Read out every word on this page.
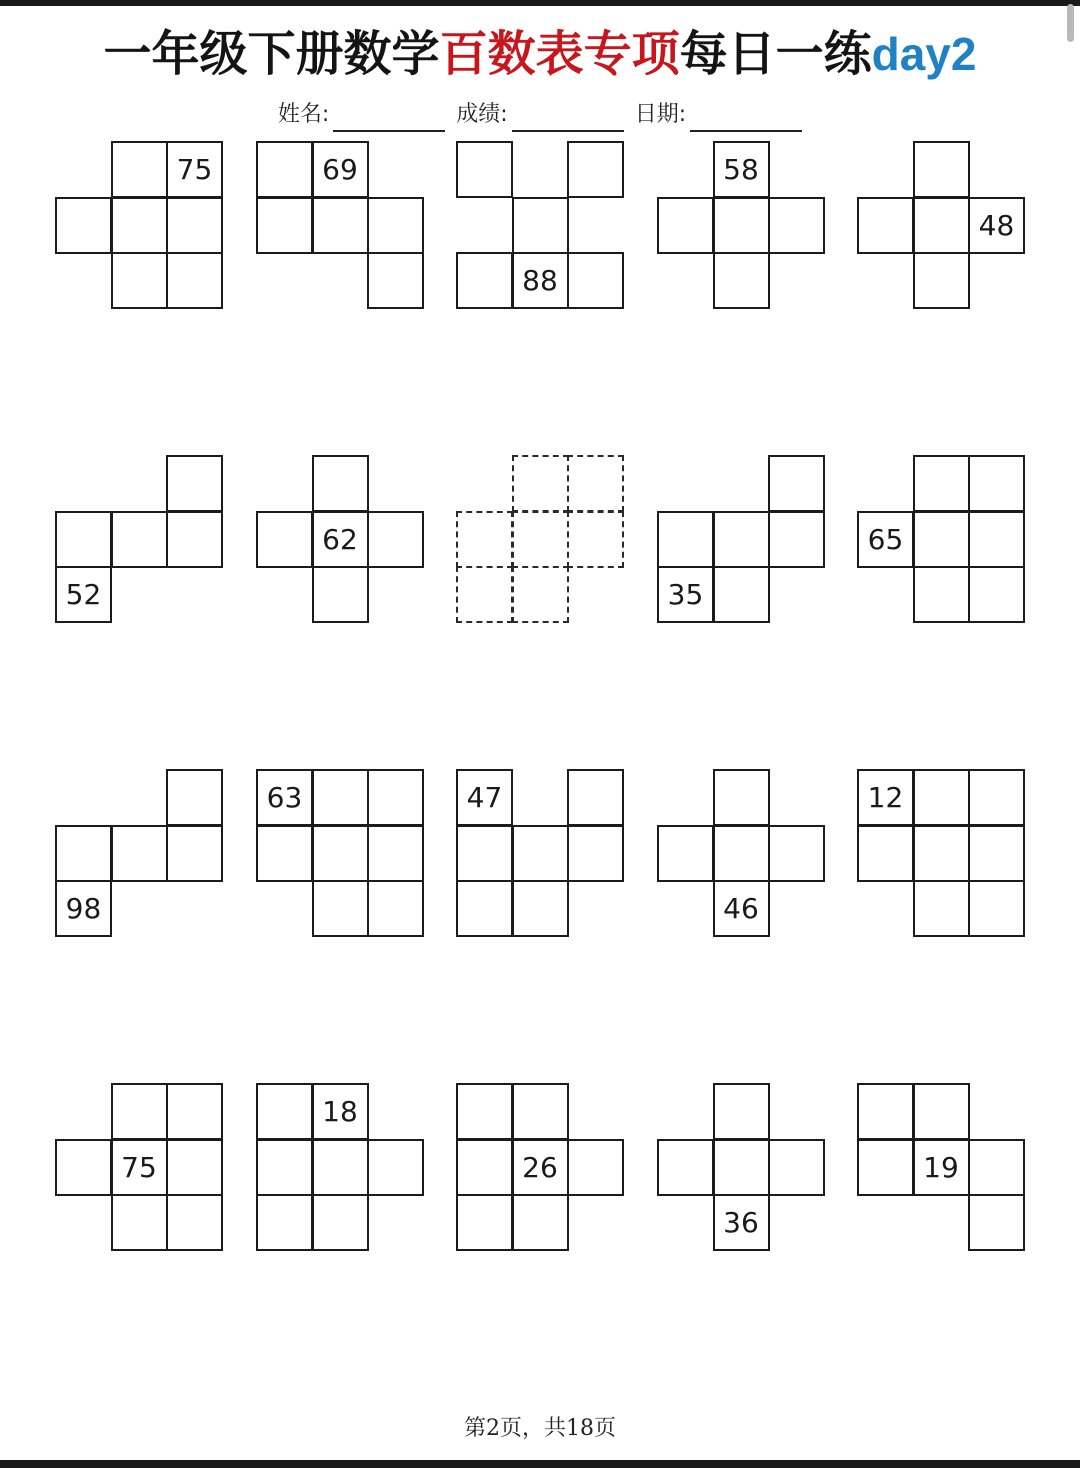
一年级下册数学百数表专项每日一练day2
姓名:	成绩:	日期:
75	69
88
58
48
52
62
35
65
98
63	47
46
12
75
18
26
36
19
第2页，共18页
